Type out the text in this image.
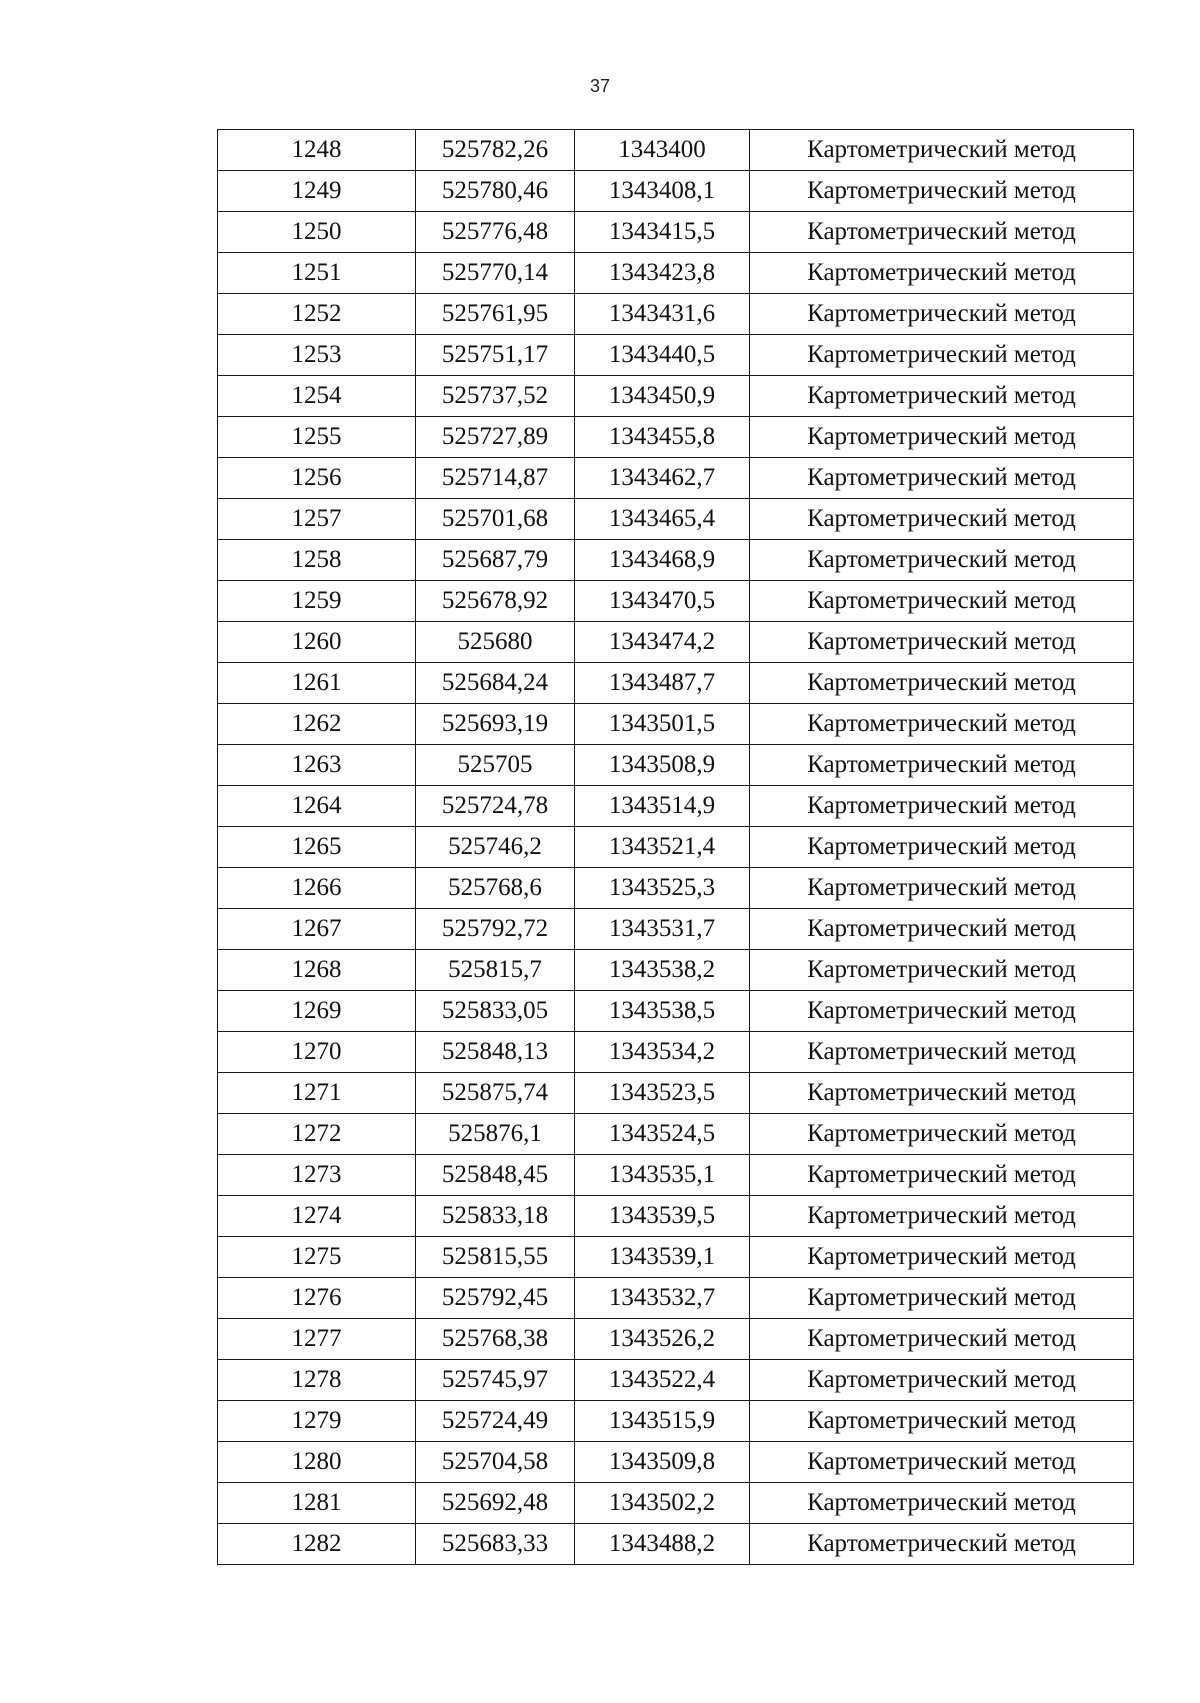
37
1248	525782,26	1343400	Картометрический метод
1249	525780,46	1343408,1	Картометрический метод
1250	525776,48	1343415,5	Картометрический метод
1251	525770,14	1343423,8	Картометрический метод
1252	525761,95	1343431,6	Картометрический метод
1253	525751,17	1343440,5	Картометрический метод
1254	525737,52	1343450,9	Картометрический метод
1255	525727,89	1343455,8	Картометрический метод
1256	525714,87	1343462,7	Картометрический метод
1257	525701,68	1343465,4	Картометрический метод
1258	525687,79	1343468,9	Картометрический метод
1259	525678,92	1343470,5	Картометрический метод
1260	525680	1343474,2	Картометрический метод
1261	525684,24	1343487,7	Картометрический метод
1262	525693,19	1343501,5	Картометрический метод
1263	525705	1343508,9	Картометрический метод
1264	525724,78	1343514,9	Картометрический метод
1265	525746,2	1343521,4	Картометрический метод
1266	525768,6	1343525,3	Картометрический метод
1267	525792,72	1343531,7	Картометрический метод
1268	525815,7	1343538,2	Картометрический метод
1269	525833,05	1343538,5	Картометрический метод
1270	525848,13	1343534,2	Картометрический метод
1271	525875,74	1343523,5	Картометрический метод
1272	525876,1	1343524,5	Картометрический метод
1273	525848,45	1343535,1	Картометрический метод
1274	525833,18	1343539,5	Картометрический метод
1275	525815,55	1343539,1	Картометрический метод
1276	525792,45	1343532,7	Картометрический метод
1277	525768,38	1343526,2	Картометрический метод
1278	525745,97	1343522,4	Картометрический метод
1279	525724,49	1343515,9	Картометрический метод
1280	525704,58	1343509,8	Картометрический метод
1281	525692,48	1343502,2	Картометрический метод
1282	525683,33	1343488,2	Картометрический метод
